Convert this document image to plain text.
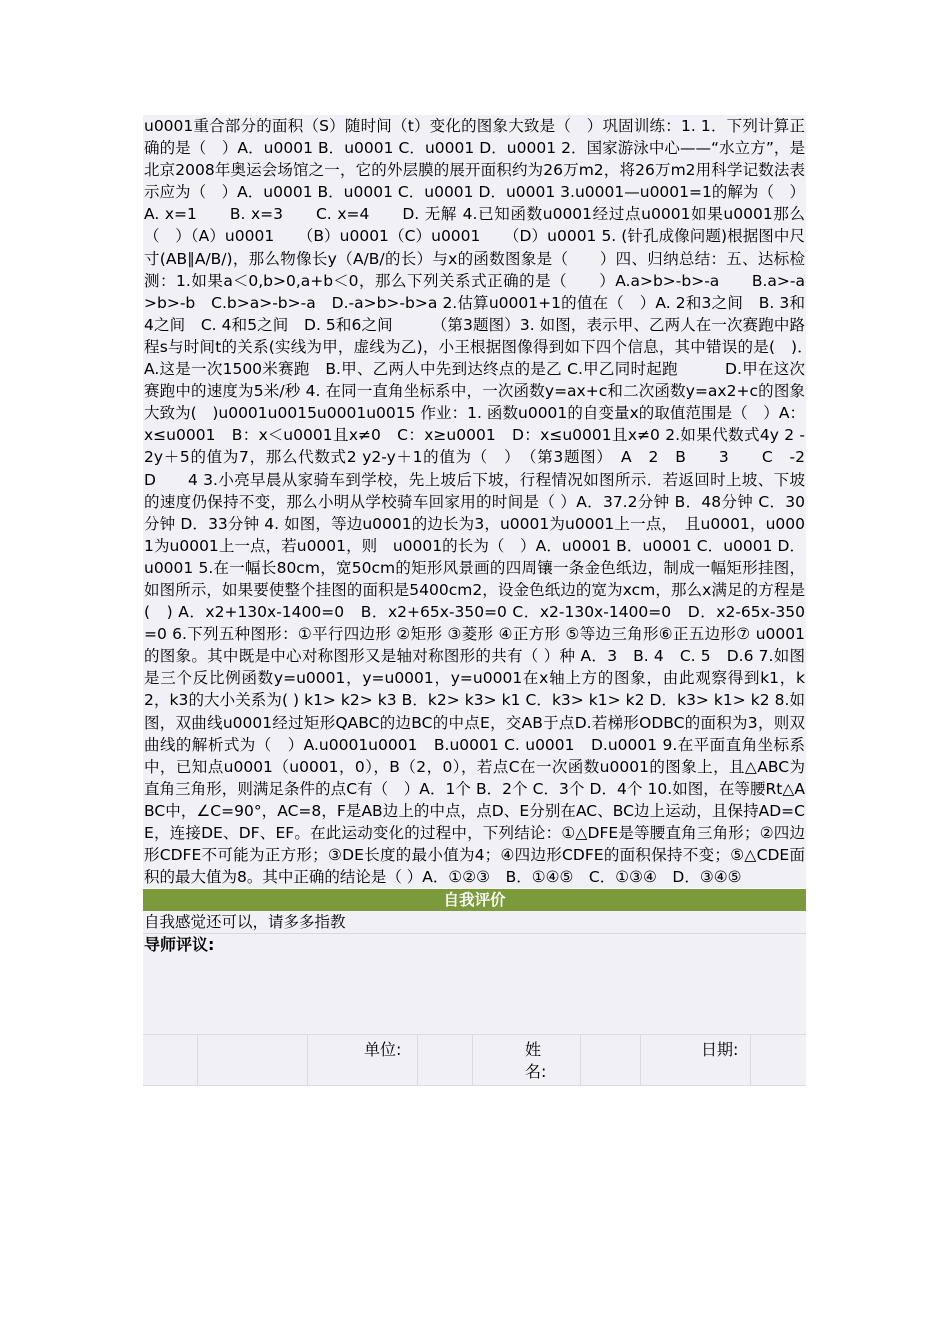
u0001重合部分的面积（S）随时间（t）变化的图象大致是（　）巩固训练：1. 1．下列计算正确的是（　）A．u0001 B．u0001 C．u0001 D．u0001 2．国家游泳中心——“水立方”，是北京2008年奥运会场馆之一，它的外层膜的展开面积约为26万m2，将26万m2用科学记数法表示应为（　）A．u0001 B．u0001 C．u0001 D．u0001 3.u0001—u0001=1的解为（　）A. x=1　　B. x=3　　C. x=4　　D. 无解 4.已知函数u0001经过点u0001如果u0001那么（　）（A）u0001　　（B）u0001（C）u0001　　（D）u0001 5. (针孔成像问题)根据图中尺寸(AB∥A/B/)，那么物像长y（A/B/的长）与x的函数图象是（　　）四、归纳总结：五、达标检测：1.如果a＜0,b>0,a+b＜0，那么下列关系式正确的是（　　）A.a>b>-b>-a　　B.a>-a>b>-b　C.b>a>-b>-a　D.-a>b>-b>a 2.估算u0001+1的值在（　）A. 2和3之间　B. 3和4之间　C. 4和5之间　D. 5和6之间　　　（第3题图）3. 如图，表示甲、乙两人在一次赛跑中路程s与时间t的关系(实线为甲，虚线为乙)，小王根据图像得到如下四个信息，其中错误的是(　)．　A.这是一次1500米赛跑　B.甲、乙两人中先到达终点的是乙 C.甲乙同时起跑　　　D.甲在这次赛跑中的速度为5米/秒 4. 在同一直角坐标系中，一次函数y=ax+c和二次函数y=ax2+c的图象大致为(　)u0001u0015u0001u0015 作业：1. 函数u0001的自变量x的取值范围是（　）A：x≤u0001　B：x＜u0001且x≠0　C：x≥u0001　D：x≤u0001且x≠0 2.如果代数式4y 2 -2y＋5的值为7，那么代数式2 y2-y＋1的值为（　）　（第3题图）　A　2　B　　3　　C　-2　　D　　4 3.小亮早晨从家骑车到学校，先上坡后下坡，行程情况如图所示．若返回时上坡、下坡的速度仍保持不变，那么小明从学校骑车回家用的时间是（ ）A．37.2分钟 B．48分钟 C．30分钟 D．33分钟 4. 如图，等边u0001的边长为3，u0001为u0001上一点，　且u0001，u0001为u0001上一点，若u0001，则　u0001的长为（　）A．u0001 B．u0001 C．u0001 D．u0001 5.在一幅长80cm，宽50cm的矩形风景画的四周镶一条金色纸边，制成一幅矩形挂图，如图所示，如果要使整个挂图的面积是5400cm2，设金色纸边的宽为xcm，那么x满足的方程是(　) A．x2+130x-1400=0　B．x2+65x-350=0 C．x2-130x-1400=0　D．x2-65x-350=0 6.下列五种图形：①平行四边形 ②矩形 ③菱形 ④正方形 ⑤等边三角形⑥正五边形⑦ u0001的图象。其中既是中心对称图形又是轴对称图形的共有（ ）种 A．3　B. 4　C. 5　D.6 7.如图是三个反比例函数y=u0001，y=u0001，y=u0001在x轴上方的图象，由此观察得到k1，k2，k3的大小关系为( ) k1> k2> k3 B．k2> k3> k1 C．k3> k1> k2 D．k3> k1> k2 8.如图，双曲线u0001经过矩形QABC的边BC的中点E，交AB于点D.若梯形ODBC的面积为3，则双曲线的解析式为（　）A.u0001u0001　B.u0001 C. u0001　D.u0001 9.在平面直角坐标系中，已知点u0001（u0001，0），B（2，0），若点C在一次函数u0001的图象上，且△ABC为直角三角形，则满足条件的点C有（　）A．1个 B．2个 C．3个 D．4个 10.如图，在等腰Rt△ABC中，∠C=90°，AC=8，F是AB边上的中点，点D、E分别在AC、BC边上运动，且保持AD=CE，连接DE、DF、EF。在此运动变化的过程中，下列结论：①△DFE是等腰直角三角形；②四边形CDFE不可能为正方形；③DE长度的最小值为4；④四边形CDFE的面积保持不变；⑤△CDE面积的最大值为8。其中正确的结论是（ ）A．①②③　B．①④⑤　C．①③④　D．③④⑤

自我评价
自我感觉还可以，请多多指教
导师评议:
单位:	姓名:
日期:
